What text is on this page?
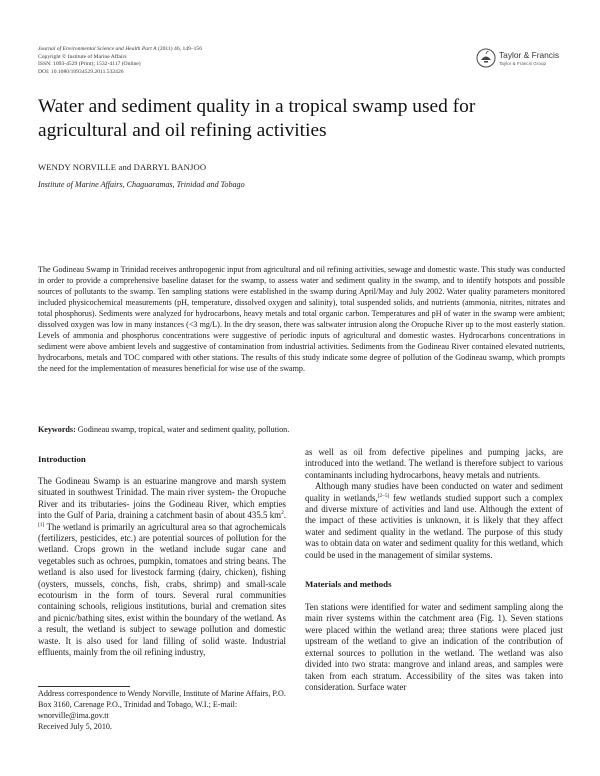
Journal of Environmental Science and Health Part A (2011) 46, 149–156
Copyright © Institute of Marine Affairs
ISSN: 1093-4529 (Print); 1532-4117 (Online)
DOI: 10.1080/10934529.2011.532426
Taylor & Francis
Taylor & Francis Group
Water and sediment quality in a tropical swamp used for agricultural and oil refining activities
WENDY NORVILLE and DARRYL BANJOO
Institute of Marine Affairs, Chaguaramas, Trinidad and Tobago

The Godineau Swamp in Trinidad receives anthropogenic input from agricultural and oil refining activities, sewage and domestic waste. This study was conducted in order to provide a comprehensive baseline dataset for the swamp, to assess water and sediment quality in the swamp, and to identify hotspots and possible sources of pollutants to the swamp. Ten sampling stations were established in the swamp during April/May and July 2002. Water quality parameters monitored included physicochemical measurements (pH, temperature, dissolved oxygen and salinity), total suspended solids, and nutrients (ammonia, nitrites, nitrates and total phosphorus). Sediments were analyzed for hydrocarbons, heavy metals and total organic carbon. Temperatures and pH of water in the swamp were ambient; dissolved oxygen was low in many instances (<3 mg/L). In the dry season, there was saltwater intrusion along the Oropuche River up to the most easterly station. Levels of ammonia and phosphorus concentrations were suggestive of periodic inputs of agricultural and domestic wastes. Hydrocarbons concentrations in sediment were above ambient levels and suggestive of contamination from industrial activities. Sediments from the Godineau River contained elevated nutrients, hydrocarbons, metals and TOC compared with other stations. The results of this study indicate some degree of pollution of the Godineau swamp, which prompts the need for the implementation of measures beneficial for wise use of the swamp.

Keywords: Godineau swamp, tropical, water and sediment quality, pollution.
Introduction

The Godineau Swamp is an estuarine mangrove and marsh system situated in southwest Trinidad. The main river system- the Oropuche River and its tributaries- joins the Godineau River, which empties into the Gulf of Paria, draining a catchment basin of about 435.5 $km^2.[1]$ The wetland is primarily an agricultural area so that agrochemicals (fertilizers, pesticides, etc.) are potential sources of pollution for the wetland. Crops grown in the wetland include sugar cane and vegetables such as ochroes, pumpkin, tomatoes and string beans. The wetland is also used for livestock farming (dairy, chicken), fishing (oysters, mussels, conchs, fish, crabs, shrimp) and small-scale ecotourism in the form of tours. Several rural communities containing schools, religious institutions, burial and cremation sites and picnic/bathing sites, exist within the boundary of the wetland. As a result, the wetland is subject to sewage pollution and domestic waste. It is also used for land filling of solid waste. Industrial effluents, mainly from the oil refining industry,

as well as oil from defective pipelines and pumping jacks, are introduced into the wetland. The wetland is therefore subject to various contaminants including hydrocarbons, heavy metals and nutrients.

Although many studies have been conducted on water and sediment quality in wetlands,[2–5] few wetlands studied support such a complex and diverse mixture of activities and land use. Although the extent of the impact of these activities is unknown, it is likely that they affect water and sediment quality in the wetland. The purpose of this study was to obtain data on water and sediment quality for this wetland, which could be used in the management of similar systems.

Materials and methods

Ten stations were identified for water and sediment sampling along the main river systems within the catchment area (Fig. 1). Seven stations were placed within the wetland area; three stations were placed just upstream of the wetland to give an indication of the contribution of external sources to pollution in the wetland. The wetland was also divided into two strata: mangrove and inland areas, and samples were taken from each stratum. Accessibility of the sites was taken into consideration. Surface water

Address correspondence to Wendy Norville, Institute of Marine Affairs, P.O. Box 3160, Carenage P.O., Trinidad and Tobago, W.I.; E-mail: wnorville@ima.gov.tt
Received July 5, 2010.
